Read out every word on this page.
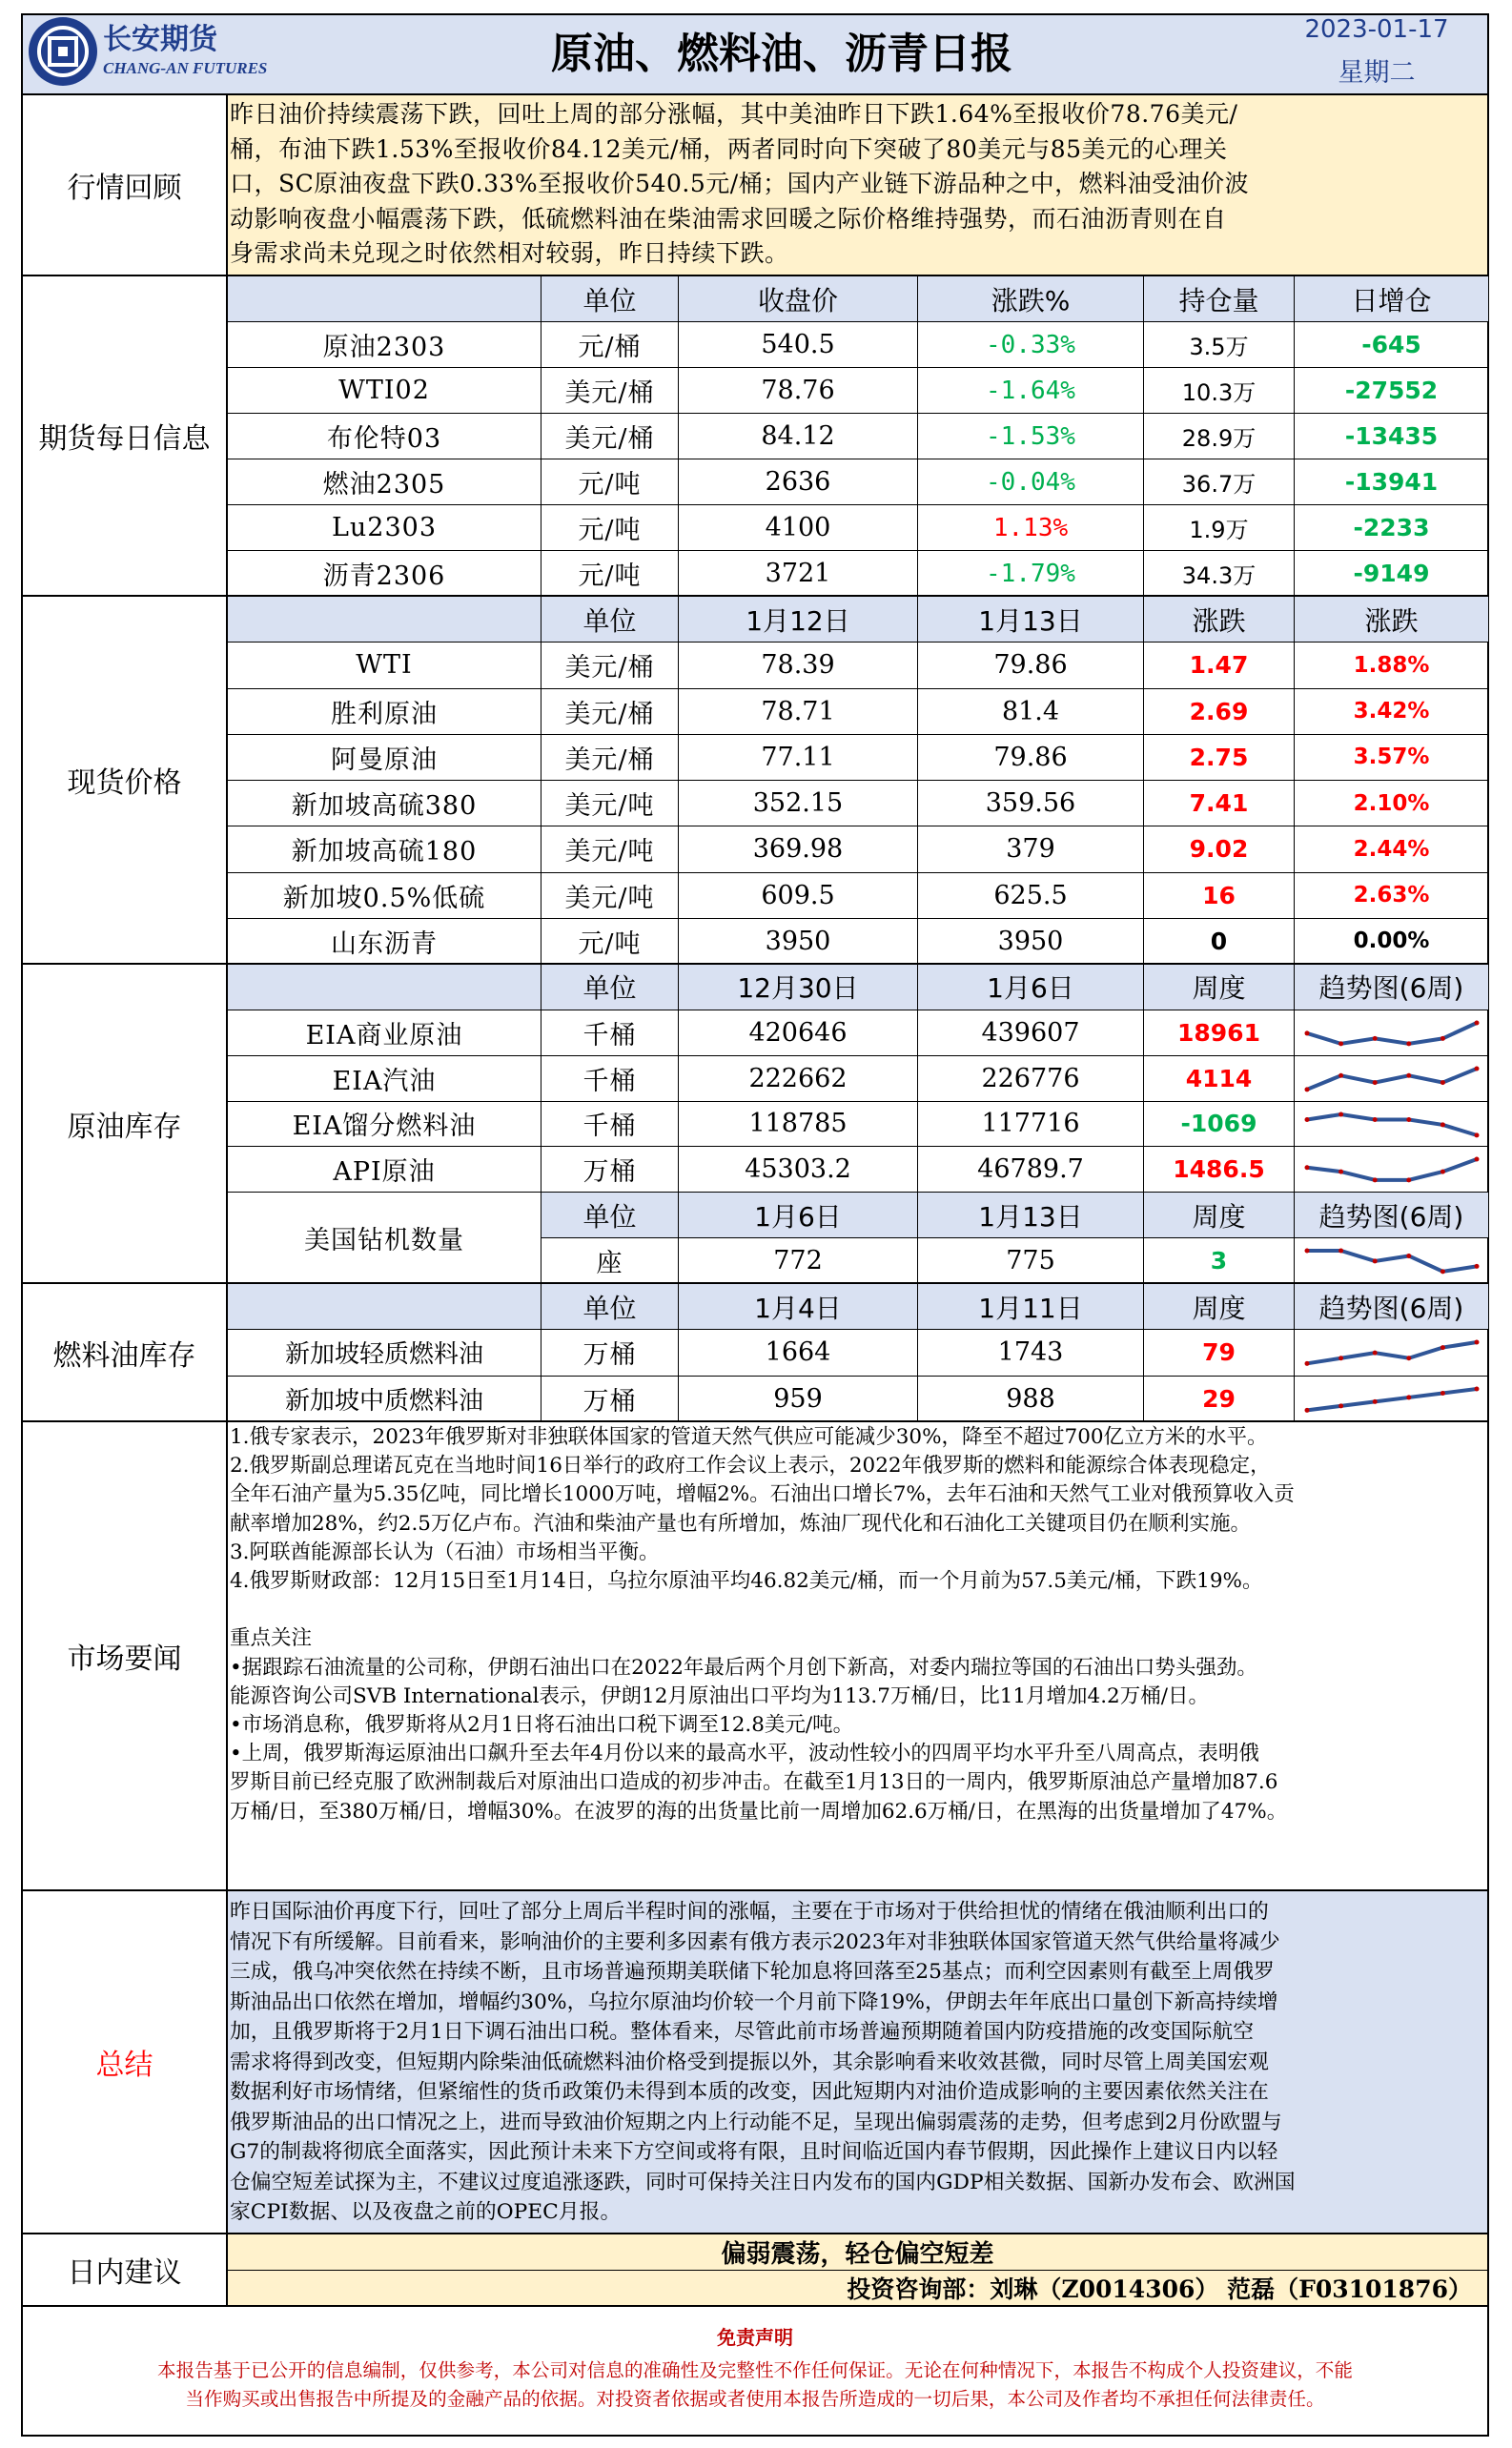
长安期货
CHANG-AN FUTURES	原油、燃料油、沥青日报	2023-01-17
星期二
行情回顾
昨日油价持续震荡下跌，回吐上周的部分涨幅，其中美油昨日下跌1.64%至报收价78.76美元/
桶，布油下跌1.53%至报收价84.12美元/桶，两者同时向下突破了80美元与85美元的心理关
口，SC原油夜盘下跌0.33%至报收价540.5元/桶；国内产业链下游品种之中，燃料油受油价波
动影响夜盘小幅震荡下跌，低硫燃料油在柴油需求回暖之际价格维持强势，而石油沥青则在自
身需求尚未兑现之时依然相对较弱，昨日持续下跌。
期货每日信息
单位	收盘价	涨跌%	持仓量	日增仓
原油2303	元/桶	540.5	-0.33%	3.5万	-645
WTI02	美元/桶	78.76	-1.64%	10.3万	-27552
布伦特03	美元/桶	84.12	-1.53%	28.9万	-13435
燃油2305	元/吨	2636	-0.04%	36.7万	-13941
Lu2303	元/吨	4100	1.13%	1.9万	-2233
沥青2306	元/吨	3721	-1.79%	34.3万	-9149
现货价格
单位	1月12日	1月13日	涨跌	涨跌
WTI	美元/桶	78.39	79.86	1.47	1.88%
胜利原油	美元/桶	78.71	81.4	2.69	3.42%
阿曼原油	美元/桶	77.11	79.86	2.75	3.57%
新加坡高硫380	美元/吨	352.15	359.56	7.41	2.10%
新加坡高硫180	美元/吨	369.98	379	9.02	2.44%
新加坡0.5%低硫	美元/吨	609.5	625.5	16	2.63%
山东沥青	元/吨	3950	3950	0	0.00%
原油库存
单位	12月30日	1月6日	周度	趋势图(6周)
EIA商业原油	千桶	420646	439607	18961
EIA汽油	千桶	222662	226776	4114
EIA馏分燃料油	千桶	118785	117716	-1069
API原油	万桶	45303.2	46789.7	1486.5
美国钻机数量
单位	1月6日	1月13日	周度	趋势图(6周)
座	772	775	3
燃料油库存
单位	1月4日	1月11日	周度	趋势图(6周)
新加坡轻质燃料油	万桶	1664	1743	79
新加坡中质燃料油	万桶	959	988	29
市场要闻
1.俄专家表示，2023年俄罗斯对非独联体国家的管道天然气供应可能减少30%，降至不超过700亿立方米的水平。
2.俄罗斯副总理诺瓦克在当地时间16日举行的政府工作会议上表示，2022年俄罗斯的燃料和能源综合体表现稳定，
全年石油产量为5.35亿吨，同比增长1000万吨，增幅2%。石油出口增长7%，去年石油和天然气工业对俄预算收入贡
献率增加28%，约2.5万亿卢布。汽油和柴油产量也有所增加，炼油厂现代化和石油化工关键项目仍在顺利实施。
3.阿联酋能源部长认为（石油）市场相当平衡。
4.俄罗斯财政部：12月15日至1月14日，乌拉尔原油平均46.82美元/桶，而一个月前为57.5美元/桶，下跌19%。

重点关注
•据跟踪石油流量的公司称，伊朗石油出口在2022年最后两个月创下新高，对委内瑞拉等国的石油出口势头强劲。
能源咨询公司SVB International表示，伊朗12月原油出口平均为113.7万桶/日，比11月增加4.2万桶/日。
•市场消息称，俄罗斯将从2月1日将石油出口税下调至12.8美元/吨。
•上周，俄罗斯海运原油出口飙升至去年4月份以来的最高水平，波动性较小的四周平均水平升至八周高点，表明俄
罗斯目前已经克服了欧洲制裁后对原油出口造成的初步冲击。在截至1月13日的一周内，俄罗斯原油总产量增加87.6
万桶/日，至380万桶/日，增幅30%。在波罗的海的出货量比前一周增加62.6万桶/日，在黑海的出货量增加了47%。
总结
昨日国际油价再度下行，回吐了部分上周后半程时间的涨幅，主要在于市场对于供给担忧的情绪在俄油顺利出口的
情况下有所缓解。目前看来，影响油价的主要利多因素有俄方表示2023年对非独联体国家管道天然气供给量将减少
三成，俄乌冲突依然在持续不断，且市场普遍预期美联储下轮加息将回落至25基点；而利空因素则有截至上周俄罗
斯油品出口依然在增加，增幅约30%，乌拉尔原油均价较一个月前下降19%，伊朗去年年底出口量创下新高持续增
加，且俄罗斯将于2月1日下调石油出口税。整体看来，尽管此前市场普遍预期随着国内防疫措施的改变国际航空
需求将得到改变，但短期内除柴油低硫燃料油价格受到提振以外，其余影响看来收效甚微，同时尽管上周美国宏观
数据利好市场情绪，但紧缩性的货币政策仍未得到本质的改变，因此短期内对油价造成影响的主要因素依然关注在
俄罗斯油品的出口情况之上，进而导致油价短期之内上行动能不足，呈现出偏弱震荡的走势，但考虑到2月份欧盟与
G7的制裁将彻底全面落实，因此预计未来下方空间或将有限，且时间临近国内春节假期，因此操作上建议日内以轻
仓偏空短差试探为主，不建议过度追涨逐跌，同时可保持关注日内发布的国内GDP相关数据、国新办发布会、欧洲国
家CPI数据、以及夜盘之前的OPEC月报。
日内建议
偏弱震荡，轻仓偏空短差
投资咨询部：刘琳（Z0014306） 范磊（F03101876）
免责声明
本报告基于已公开的信息编制，仅供参考，本公司对信息的准确性及完整性不作任何保证。无论在何种情况下，本报告不构成个人投资建议，不能
当作购买或出售报告中所提及的金融产品的依据。对投资者依据或者使用本报告所造成的一切后果，本公司及作者均不承担任何法律责任。
